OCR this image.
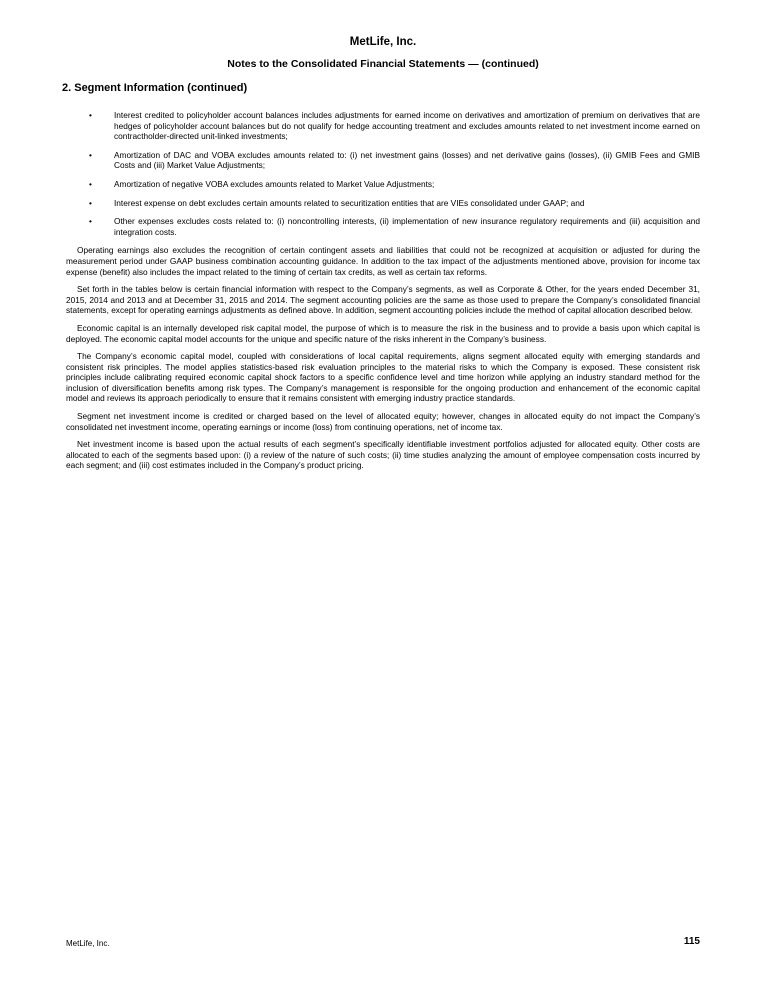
MetLife, Inc.
Notes to the Consolidated Financial Statements — (continued)
2. Segment Information (continued)
•	Interest credited to policyholder account balances includes adjustments for earned income on derivatives and amortization of premium on derivatives that are hedges of policyholder account balances but do not qualify for hedge accounting treatment and excludes amounts related to net investment income earned on contractholder-directed unit-linked investments;
•	Amortization of DAC and VOBA excludes amounts related to: (i) net investment gains (losses) and net derivative gains (losses), (ii) GMIB Fees and GMIB Costs and (iii) Market Value Adjustments;
•	Amortization of negative VOBA excludes amounts related to Market Value Adjustments;
•	Interest expense on debt excludes certain amounts related to securitization entities that are VIEs consolidated under GAAP; and
•	Other expenses excludes costs related to: (i) noncontrolling interests, (ii) implementation of new insurance regulatory requirements and (iii) acquisition and integration costs.

Operating earnings also excludes the recognition of certain contingent assets and liabilities that could not be recognized at acquisition or adjusted for during the measurement period under GAAP business combination accounting guidance. In addition to the tax impact of the adjustments mentioned above, provision for income tax expense (benefit) also includes the impact related to the timing of certain tax credits, as well as certain tax reforms.

Set forth in the tables below is certain financial information with respect to the Company’s segments, as well as Corporate & Other, for the years ended December 31, 2015, 2014 and 2013 and at December 31, 2015 and 2014. The segment accounting policies are the same as those used to prepare the Company’s consolidated financial statements, except for operating earnings adjustments as defined above. In addition, segment accounting policies include the method of capital allocation described below.

Economic capital is an internally developed risk capital model, the purpose of which is to measure the risk in the business and to provide a basis upon which capital is deployed. The economic capital model accounts for the unique and specific nature of the risks inherent in the Company’s business.

The Company’s economic capital model, coupled with considerations of local capital requirements, aligns segment allocated equity with emerging standards and consistent risk principles. The model applies statistics-based risk evaluation principles to the material risks to which the Company is exposed. These consistent risk principles include calibrating required economic capital shock factors to a specific confidence level and time horizon while applying an industry standard method for the inclusion of diversification benefits among risk types. The Company’s management is responsible for the ongoing production and enhancement of the economic capital model and reviews its approach periodically to ensure that it remains consistent with emerging industry practice standards.

Segment net investment income is credited or charged based on the level of allocated equity; however, changes in allocated equity do not impact the Company’s consolidated net investment income, operating earnings or income (loss) from continuing operations, net of income tax.

Net investment income is based upon the actual results of each segment’s specifically identifiable investment portfolios adjusted for allocated equity. Other costs are allocated to each of the segments based upon: (i) a review of the nature of such costs; (ii) time studies analyzing the amount of employee compensation costs incurred by each segment; and (iii) cost estimates included in the Company’s product pricing.

MetLife, Inc.	115
